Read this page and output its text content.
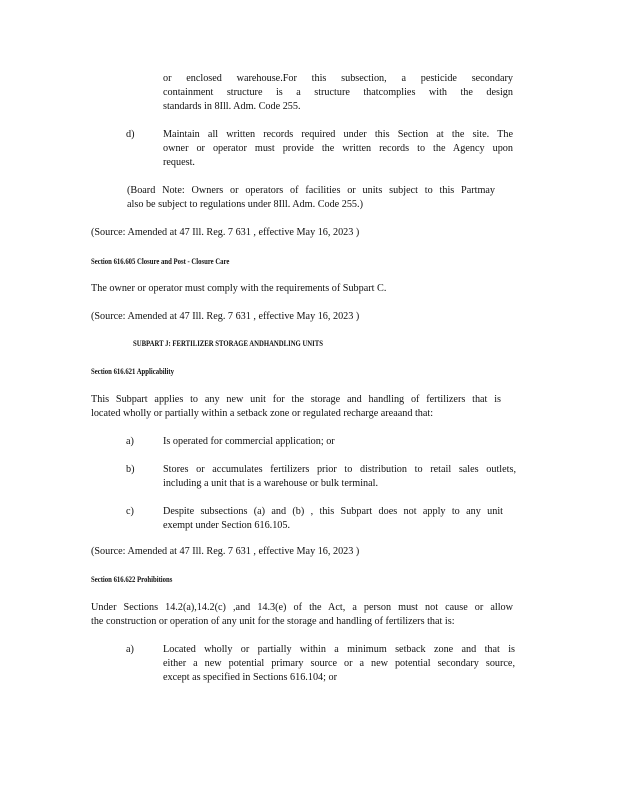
or enclosed warehouse.For this subsection, a pesticide secondary
containment structure is a structure thatcomplies with the design
standards in 8Ill. Adm. Code 255.
d)	Maintain all written records required under this Section at the site. The
owner or operator must provide the written records to the Agency upon
request.
(Board Note: Owners or operators of facilities or units subject to this Partmay
also be subject to regulations under 8Ill. Adm. Code 255.)
(Source: Amended at 47 Ill. Reg. 7 631 , effective May 16, 2023 )
Section 616.605 Closure and Post - Closure Care
The owner or operator must comply with the requirements of Subpart C.
(Source: Amended at 47 Ill. Reg. 7 631 , effective May 16, 2023 )
SUBPART J: FERTILIZER STORAGE ANDHANDLING UNITS
Section 616.621 Applicability
This Subpart applies to any new unit for the storage and handling of fertilizers that is
located wholly or partially within a setback zone or regulated recharge areaand that:
a)	Is operated for commercial application; or
b)	Stores or accumulates fertilizers prior to distribution to retail sales outlets,
including a unit that is a warehouse or bulk terminal.
c)	Despite subsections (a) and (b) , this Subpart does not apply to any unit
exempt under Section 616.105.
(Source: Amended at 47 Ill. Reg. 7 631 , effective May 16, 2023 )
Section 616.622 Prohibitions
Under Sections 14.2(a),14.2(c) ,and 14.3(e) of the Act, a person must not cause or allow
the construction or operation of any unit for the storage and handling of fertilizers that is:
a)	Located wholly or partially within a minimum setback zone and that is
either a new potential primary source or a new potential secondary source,
except as specified in Sections 616.104; or
